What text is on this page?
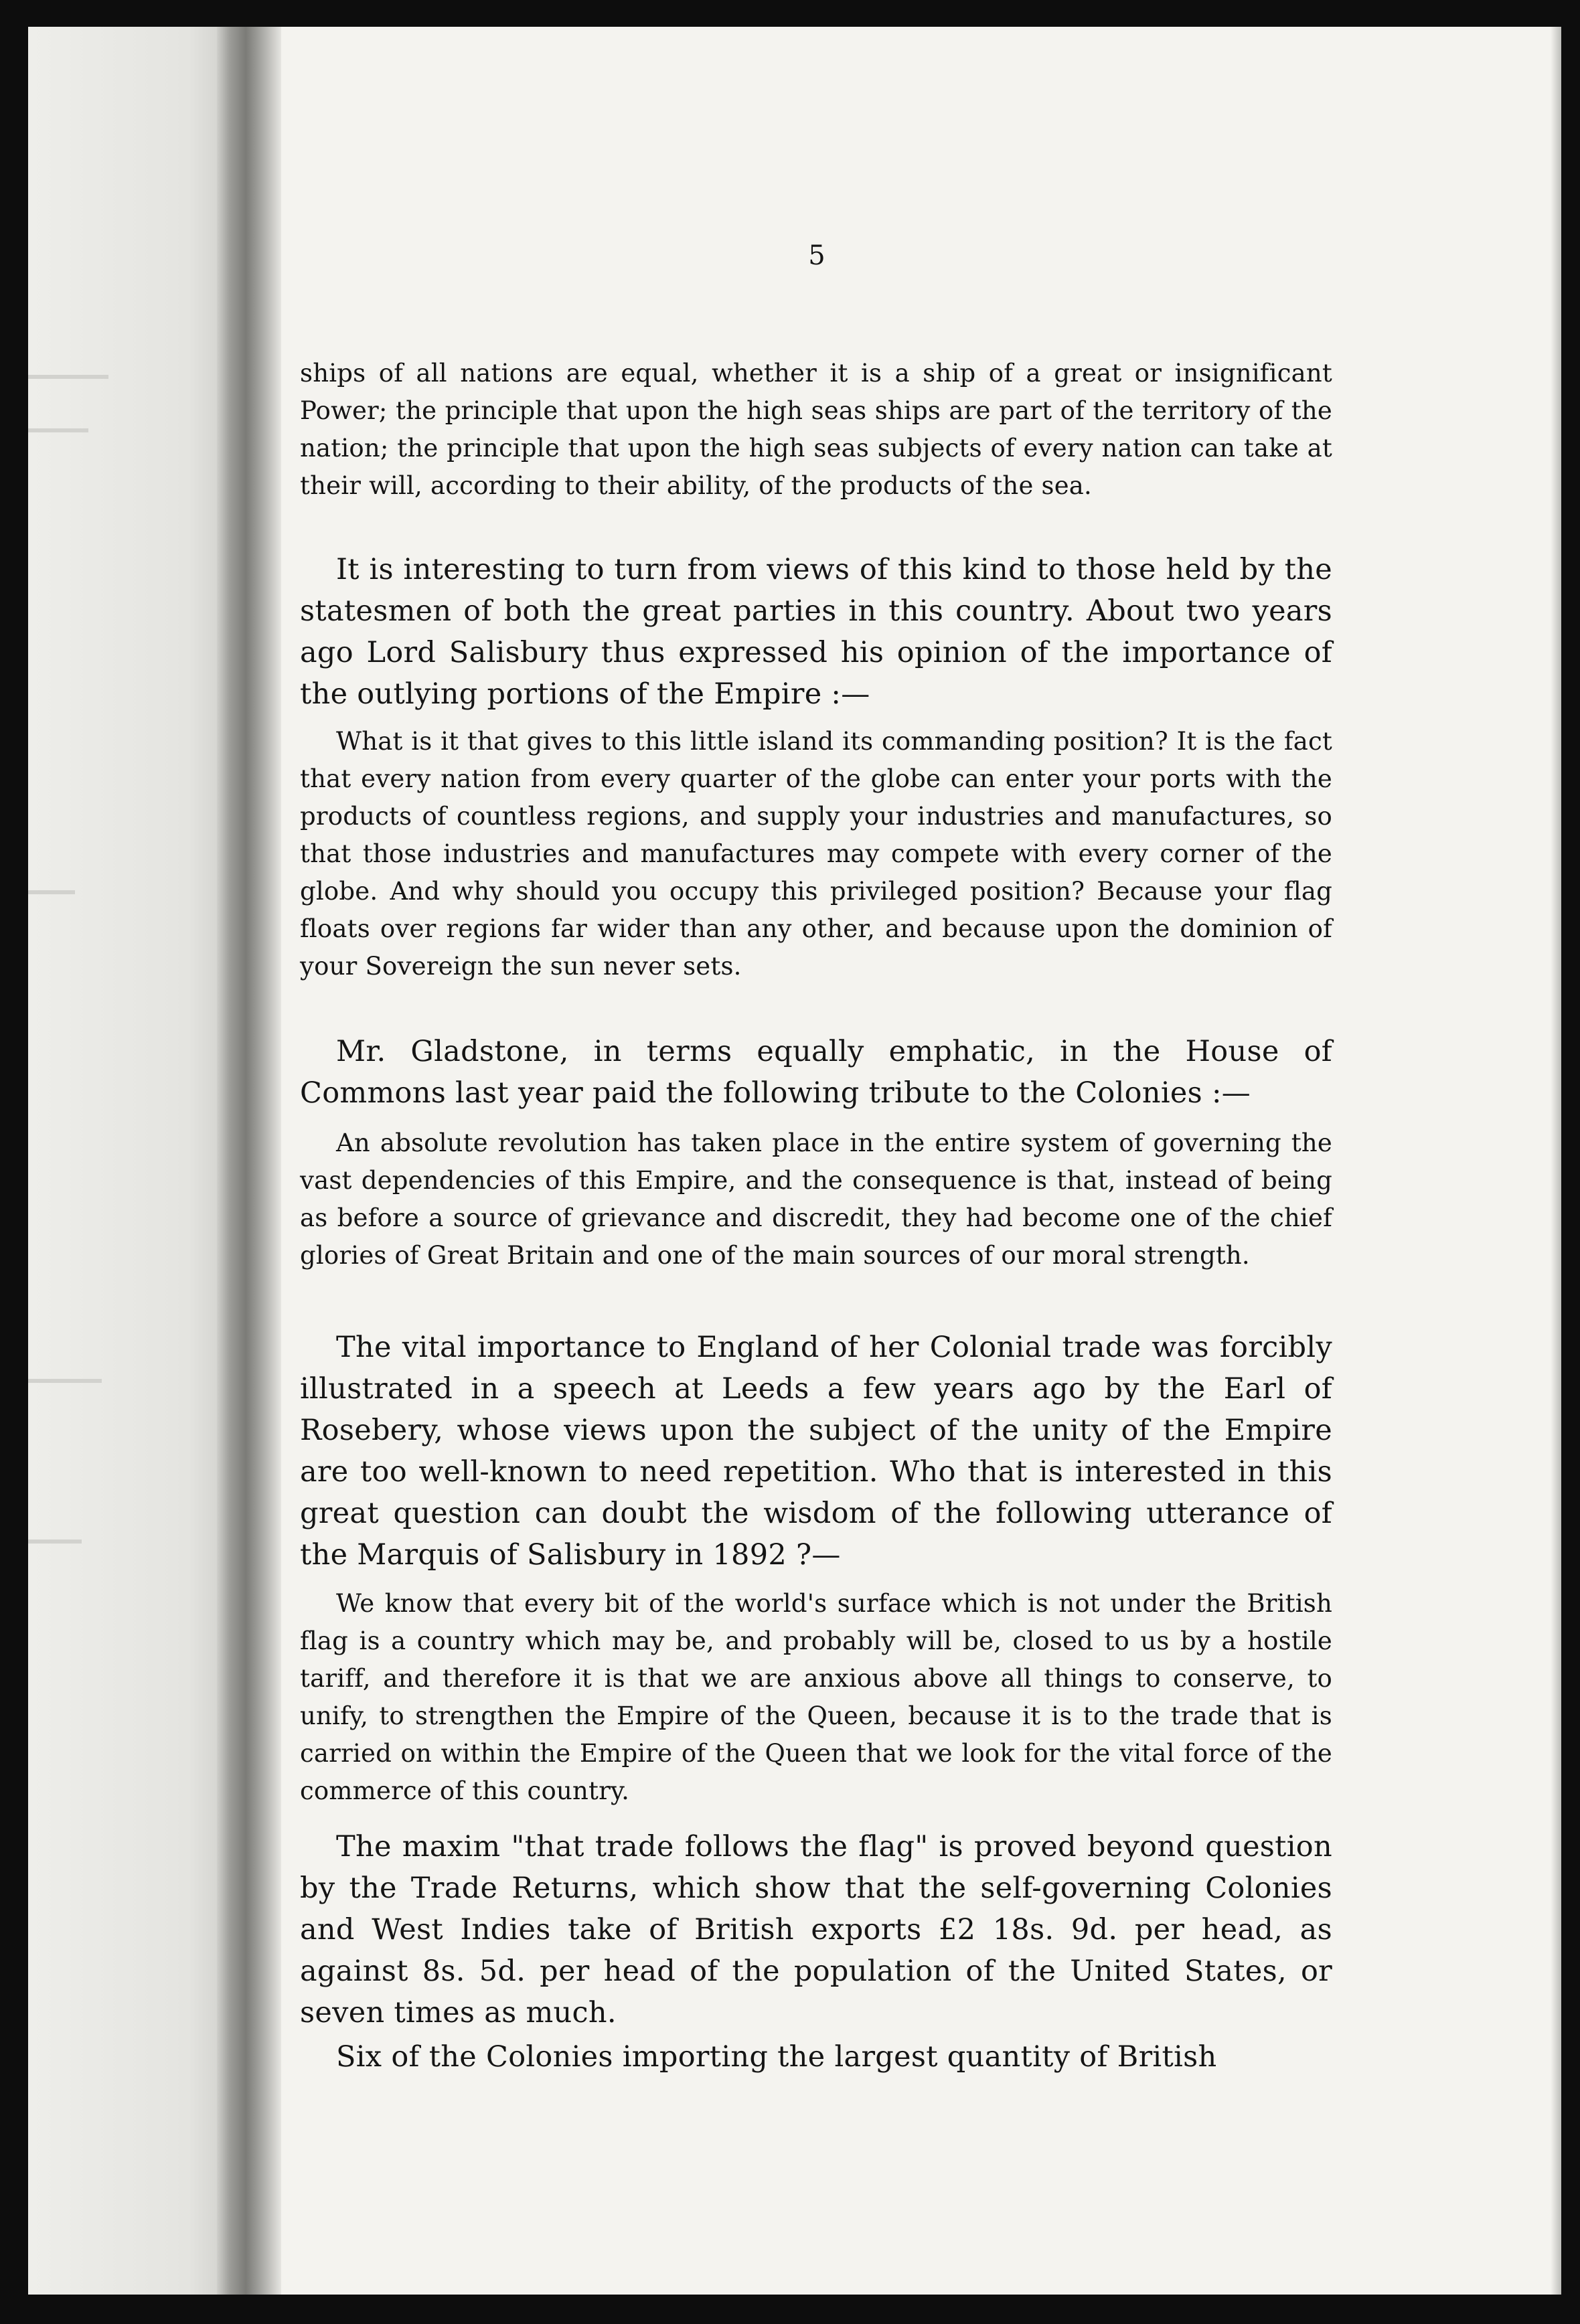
5

ships of all nations are equal, whether it is a ship of a great or insignificant Power; the principle that upon the high seas ships are part of the territory of the nation; the principle that upon the high seas subjects of every nation can take at their will, according to their ability, of the products of the sea.

It is interesting to turn from views of this kind to those held by the statesmen of both the great parties in this country. About two years ago Lord Salisbury thus expressed his opinion of the importance of the outlying portions of the Empire :—

What is it that gives to this little island its commanding position? It is the fact that every nation from every quarter of the globe can enter your ports with the products of countless regions, and supply your industries and manufactures, so that those industries and manufactures may compete with every corner of the globe. And why should you occupy this privileged position? Because your flag floats over regions far wider than any other, and because upon the dominion of your Sovereign the sun never sets.

Mr. Gladstone, in terms equally emphatic, in the House of Commons last year paid the following tribute to the Colonies :—

An absolute revolution has taken place in the entire system of governing the vast dependencies of this Empire, and the consequence is that, instead of being as before a source of grievance and discredit, they had become one of the chief glories of Great Britain and one of the main sources of our moral strength.

The vital importance to England of her Colonial trade was forcibly illustrated in a speech at Leeds a few years ago by the Earl of Rosebery, whose views upon the subject of the unity of the Empire are too well-known to need repetition. Who that is interested in this great question can doubt the wisdom of the following utterance of the Marquis of Salisbury in 1892 ?—

We know that every bit of the world's surface which is not under the British flag is a country which may be, and probably will be, closed to us by a hostile tariff, and therefore it is that we are anxious above all things to conserve, to unify, to strengthen the Empire of the Queen, because it is to the trade that is carried on within the Empire of the Queen that we look for the vital force of the commerce of this country.

The maxim "that trade follows the flag" is proved beyond question by the Trade Returns, which show that the self-governing Colonies and West Indies take of British exports £2 18s. 9d. per head, as against 8s. 5d. per head of the population of the United States, or seven times as much.

Six of the Colonies importing the largest quantity of British
